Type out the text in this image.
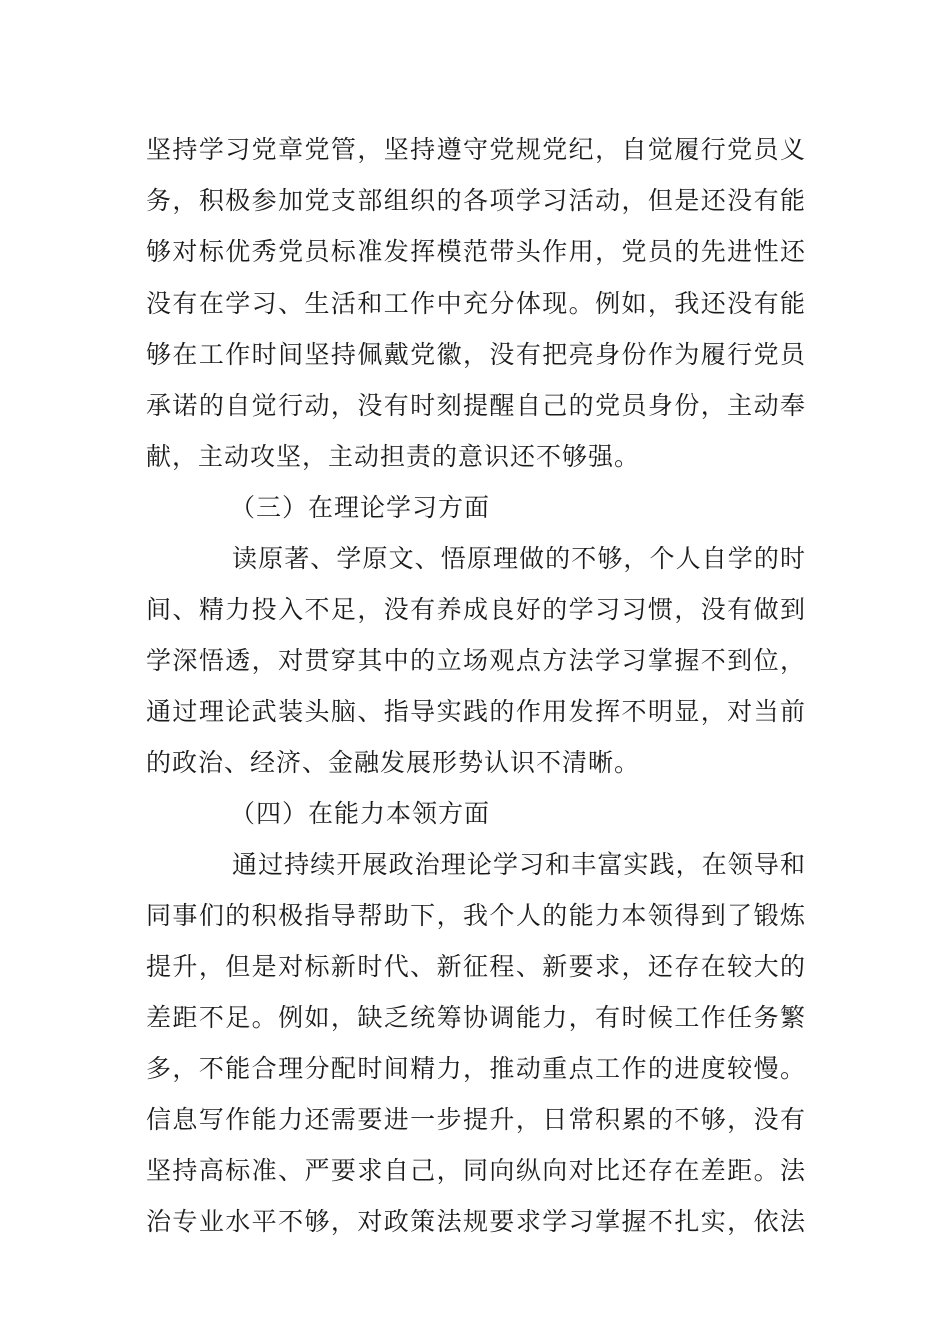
坚持学习党章党管，坚持遵守党规党纪，自觉履行党员义
务，积极参加党支部组织的各项学习活动，但是还没有能
够对标优秀党员标准发挥模范带头作用，党员的先进性还
没有在学习、生活和工作中充分体现。例如，我还没有能
够在工作时间坚持佩戴党徽，没有把亮身份作为履行党员
承诺的自觉行动，没有时刻提醒自己的党员身份，主动奉
献，主动攻坚，主动担责的意识还不够强。
（三）在理论学习方面
读原著、学原文、悟原理做的不够，个人自学的时
间、精力投入不足，没有养成良好的学习习惯，没有做到
学深悟透，对贯穿其中的立场观点方法学习掌握不到位，
通过理论武装头脑、指导实践的作用发挥不明显，对当前
的政治、经济、金融发展形势认识不清晰。
（四）在能力本领方面
通过持续开展政治理论学习和丰富实践，在领导和
同事们的积极指导帮助下，我个人的能力本领得到了锻炼
提升，但是对标新时代、新征程、新要求，还存在较大的
差距不足。例如，缺乏统筹协调能力，有时候工作任务繁
多，不能合理分配时间精力，推动重点工作的进度较慢。
信息写作能力还需要进一步提升，日常积累的不够，没有
坚持高标准、严要求自己，同向纵向对比还存在差距。法
治专业水平不够，对政策法规要求学习掌握不扎实，依法
